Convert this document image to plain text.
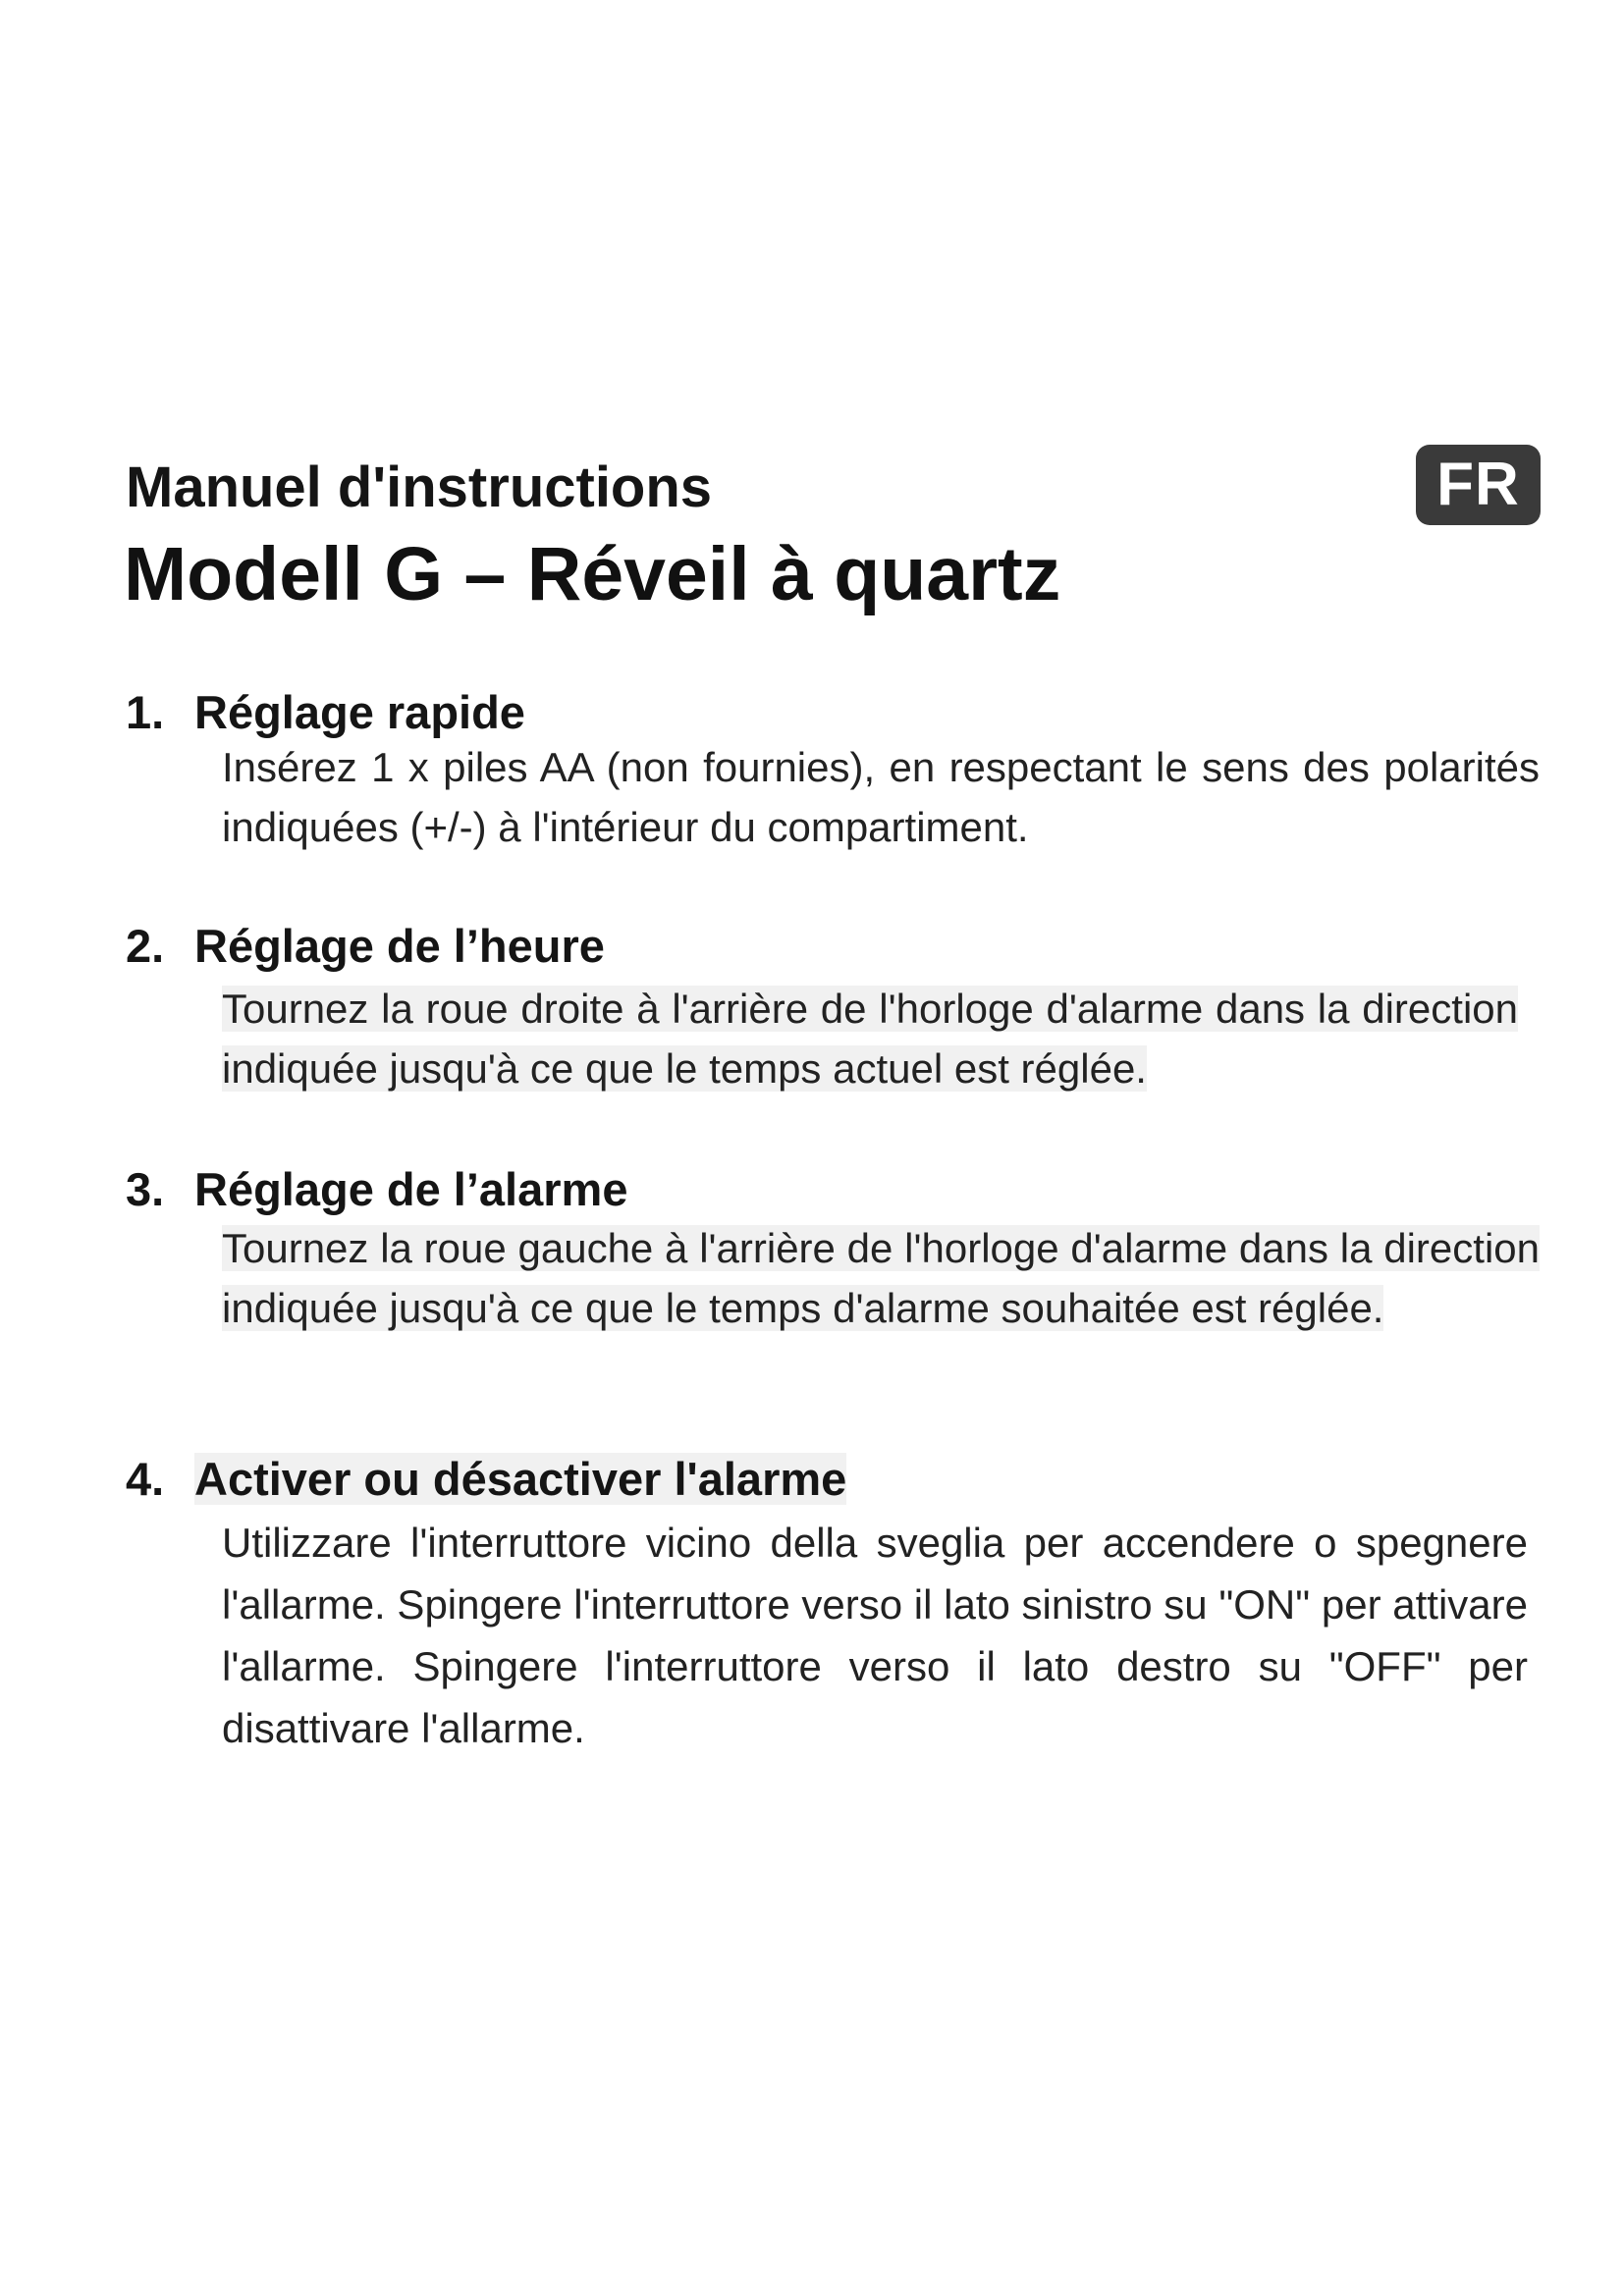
Manuel d'instructions
Modell G – Réveil à quartz
FR
1. Réglage rapide
Insérez 1 x piles AA (non fournies), en respectant le sens des polarités indiquées (+/-) à l'intérieur du compartiment.
2. Réglage de l’heure
Tournez la roue droite à l'arrière de l'horloge d'alarme dans la direction indiquée jusqu'à ce que le temps actuel est réglée.
3. Réglage de l’alarme
Tournez la roue gauche à l'arrière de l'horloge d'alarme dans la direction indiquée jusqu'à ce que le temps d'alarme souhaitée est réglée.
4. Activer ou désactiver l'alarme
Utilizzare l'interruttore vicino della sveglia per accendere o spegnere l'allarme. Spingere l'interruttore verso il lato sinistro su "ON" per attivare l'allarme. Spingere l'interruttore verso il lato destro su "OFF" per disattivare l'allarme.
